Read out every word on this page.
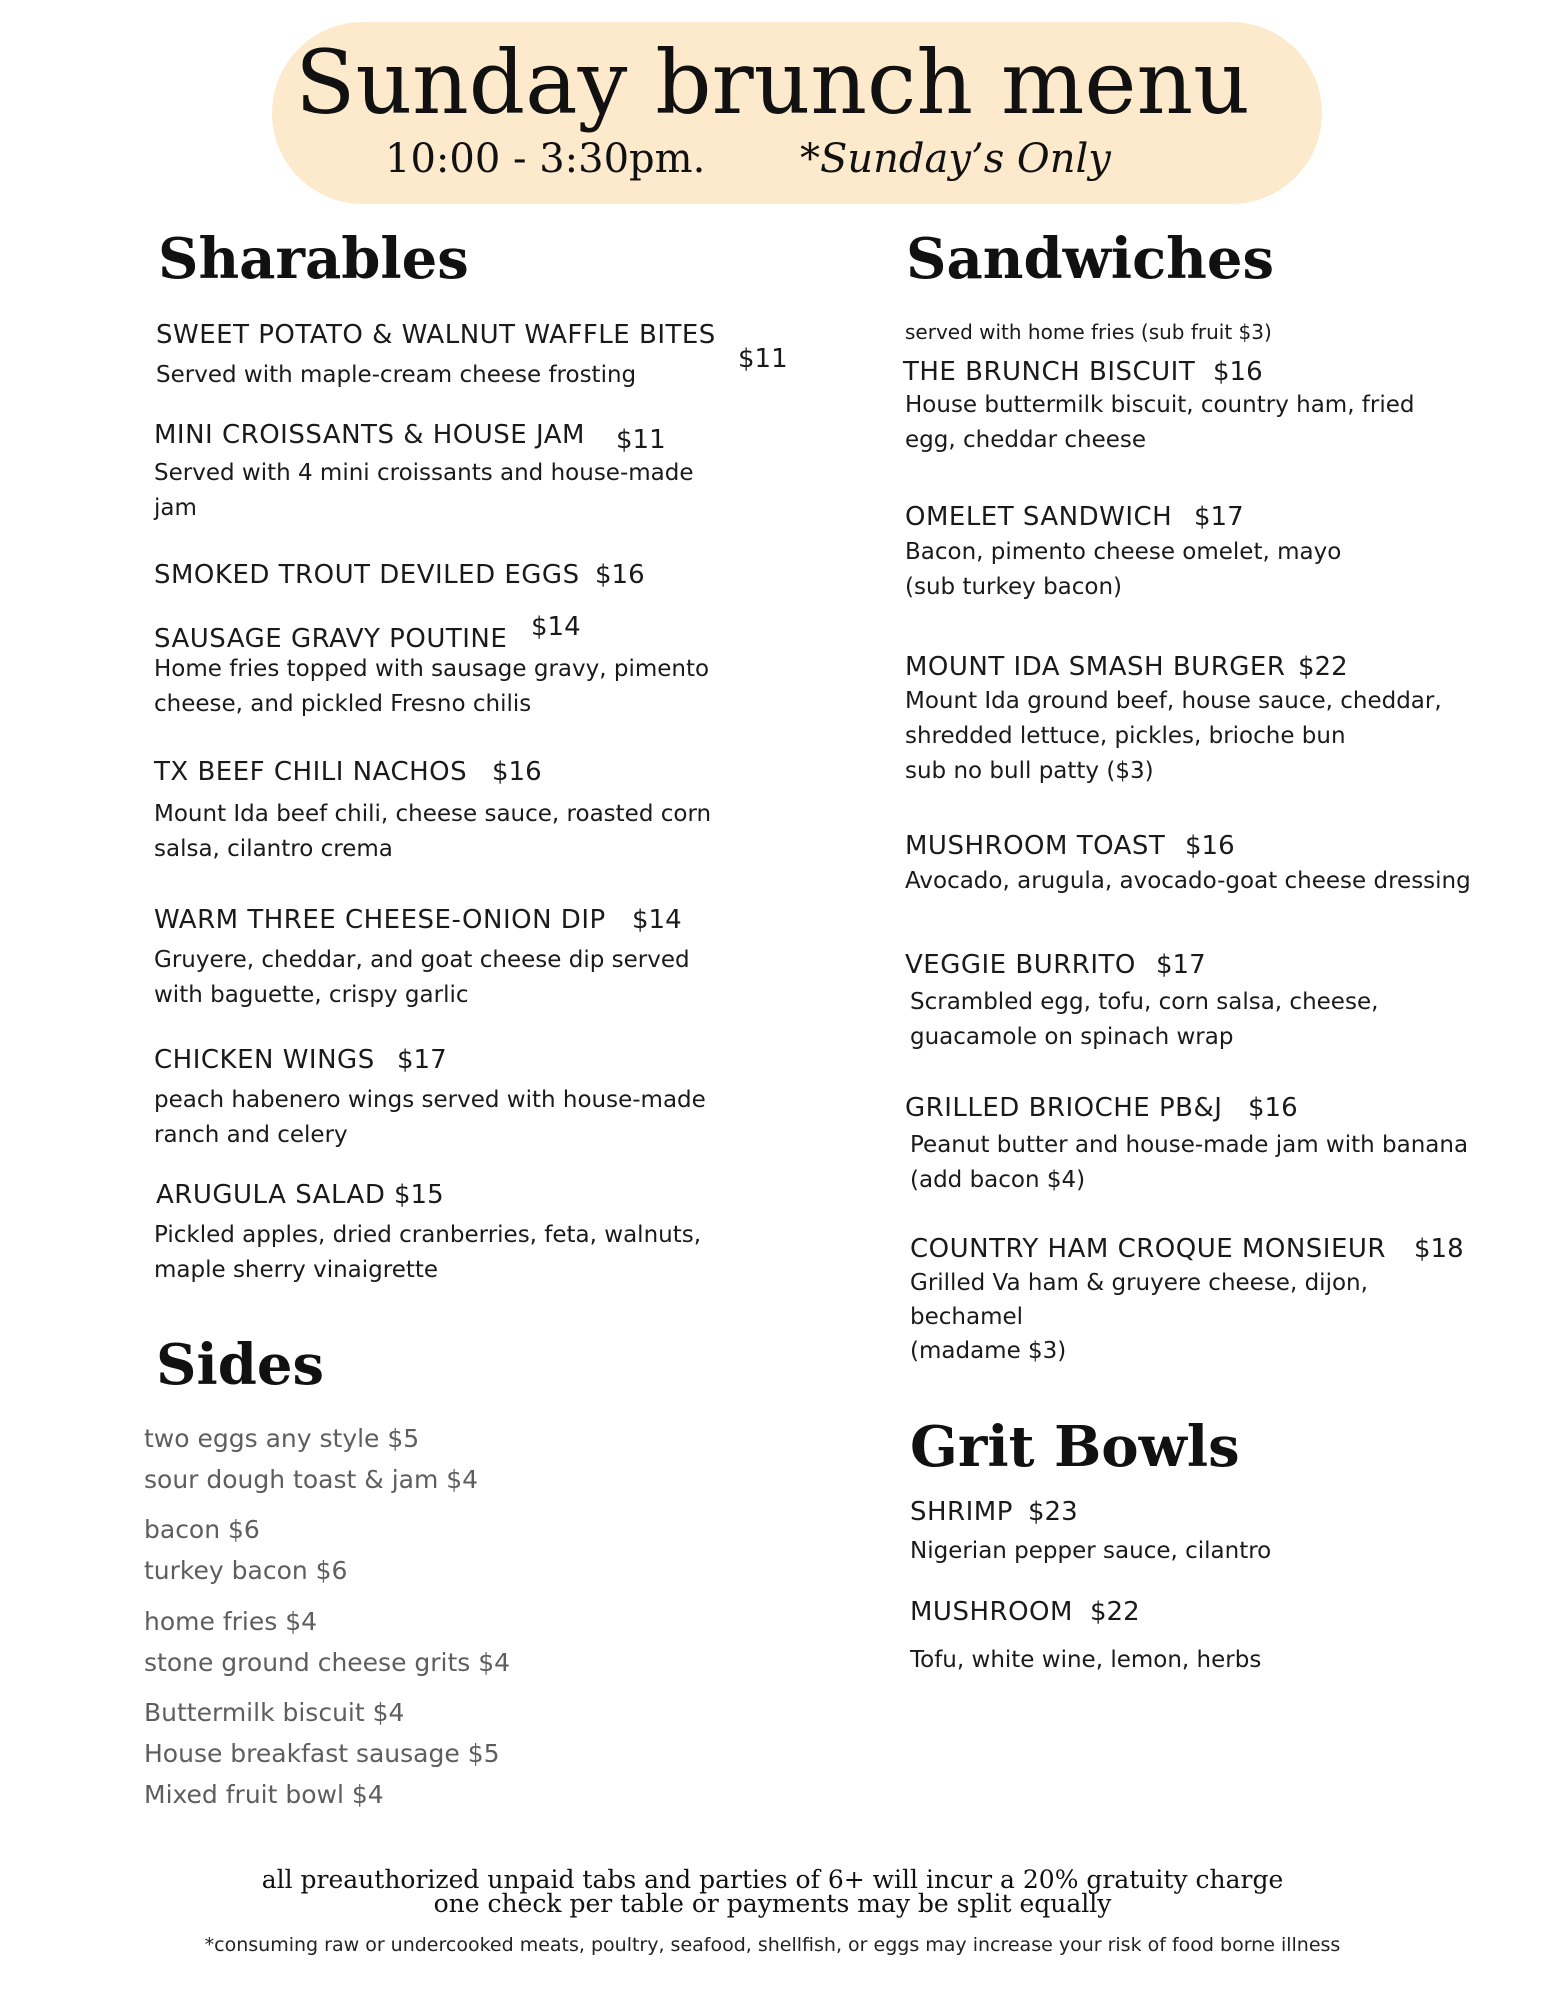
Sunday brunch menu
10:00 - 3:30pm. *Sunday’s Only
Sharables
SWEET POTATO & WALNUT WAFFLE BITES
$11
Served with maple-cream cheese frosting
MINI CROISSANTS & HOUSE JAM $11
Served with 4 mini croissants and house-made
jam
SMOKED TROUT DEVILED EGGS $16
SAUSAGE GRAVY POUTINE $14
Home fries topped with sausage gravy, pimento
cheese, and pickled Fresno chilis
TX BEEF CHILI NACHOS $16
Mount Ida beef chili, cheese sauce, roasted corn
salsa, cilantro crema
WARM THREE CHEESE-ONION DIP $14
Gruyere, cheddar, and goat cheese dip served
with baguette, crispy garlic
CHICKEN WINGS $17
peach habenero wings served with house-made
ranch and celery
ARUGULA SALAD $15
Pickled apples, dried cranberries, feta, walnuts,
maple sherry vinaigrette
Sides
two eggs any style $5
sour dough toast & jam $4
bacon $6
turkey bacon $6
home fries $4
stone ground cheese grits $4
Buttermilk biscuit $4
House breakfast sausage $5
Mixed fruit bowl $4
Sandwiches
served with home fries (sub fruit $3)
THE BRUNCH BISCUIT $16
House buttermilk biscuit, country ham, fried
egg, cheddar cheese
OMELET SANDWICH $17
Bacon, pimento cheese omelet, mayo
(sub turkey bacon)
MOUNT IDA SMASH BURGER $22
Mount Ida ground beef, house sauce, cheddar,
shredded lettuce, pickles, brioche bun
sub no bull patty ($3)
MUSHROOM TOAST $16
Avocado, arugula, avocado-goat cheese dressing
VEGGIE BURRITO $17
Scrambled egg, tofu, corn salsa, cheese,
guacamole on spinach wrap
GRILLED BRIOCHE PB&J $16
Peanut butter and house-made jam with banana
(add bacon $4)
COUNTRY HAM CROQUE MONSIEUR $18
Grilled Va ham & gruyere cheese, dijon,
bechamel
(madame $3)
Grit Bowls
SHRIMP $23
Nigerian pepper sauce, cilantro
MUSHROOM $22
Tofu, white wine, lemon, herbs
all preauthorized unpaid tabs and parties of 6+ will incur a 20% gratuity charge
one check per table or payments may be split equally
*consuming raw or undercooked meats, poultry, seafood, shellfish, or eggs may increase your risk of food borne illness
